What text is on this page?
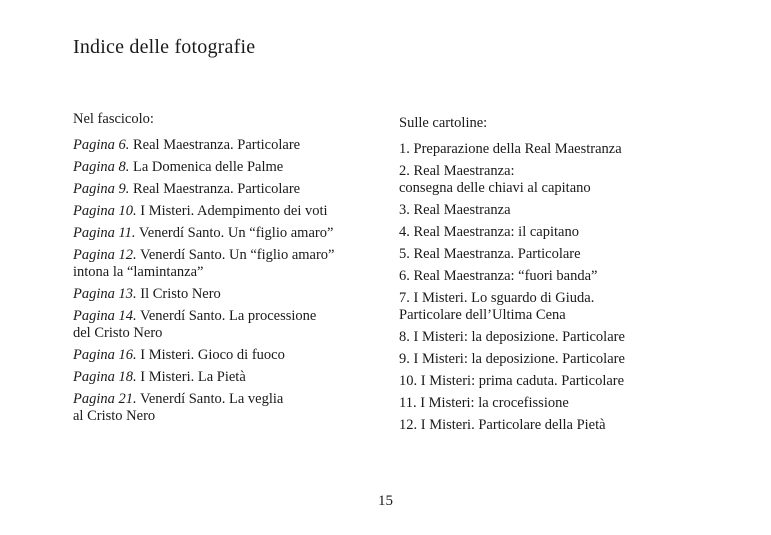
Indice delle fotografie
Nel fascicolo:
Pagina 6. Real Maestranza. Particolare
Pagina 8. La Domenica delle Palme
Pagina 9. Real Maestranza. Particolare
Pagina 10. I Misteri. Adempimento dei voti
Pagina 11. Venerdí Santo. Un “figlio amaro”
Pagina 12. Venerdí Santo. Un “figlio amaro”
intona la “lamintanza”
Pagina 13. Il Cristo Nero
Pagina 14. Venerdí Santo. La processione
del Cristo Nero
Pagina 16. I Misteri. Gioco di fuoco
Pagina 18. I Misteri. La Pietà
Pagina 21. Venerdí Santo. La veglia
al Cristo Nero
Sulle cartoline:
1. Preparazione della Real Maestranza
2. Real Maestranza:
consegna delle chiavi al capitano
3. Real Maestranza
4. Real Maestranza: il capitano
5. Real Maestranza. Particolare
6. Real Maestranza: “fuori banda”
7. I Misteri. Lo sguardo di Giuda.
Particolare dell’Ultima Cena
8. I Misteri: la deposizione. Particolare
9. I Misteri: la deposizione. Particolare
10. I Misteri: prima caduta. Particolare
11. I Misteri: la crocefissione
12. I Misteri. Particolare della Pietà
15
